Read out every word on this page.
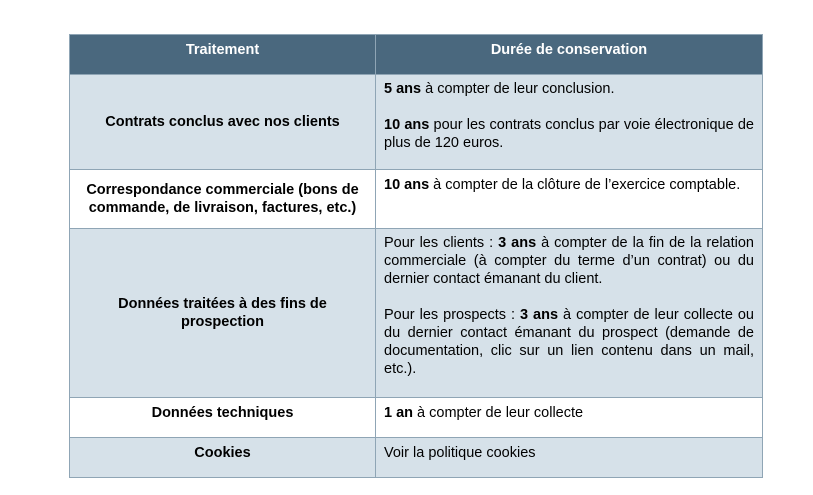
Traitement	Durée de conservation
Contrats conclus avec nos clients	5 ans à compter de leur conclusion.

10 ans pour les contrats conclus par voie électronique de plus de 120 euros.

Correspondance commerciale (bons de commande, de livraison, factures, etc.)	10 ans à compter de la clôture de l’exercice comptable.

Données traitées à des fins de prospection	Pour les clients : 3 ans à compter de la fin de la relation commerciale (à compter du terme d’un contrat) ou du dernier contact émanant du client.

Pour les prospects : 3 ans à compter de leur collecte ou du dernier contact émanant du prospect (demande de documentation, clic sur un lien contenu dans un mail, etc.).

Données techniques	1 an à compter de leur collecte

Cookies	Voir la politique cookies
